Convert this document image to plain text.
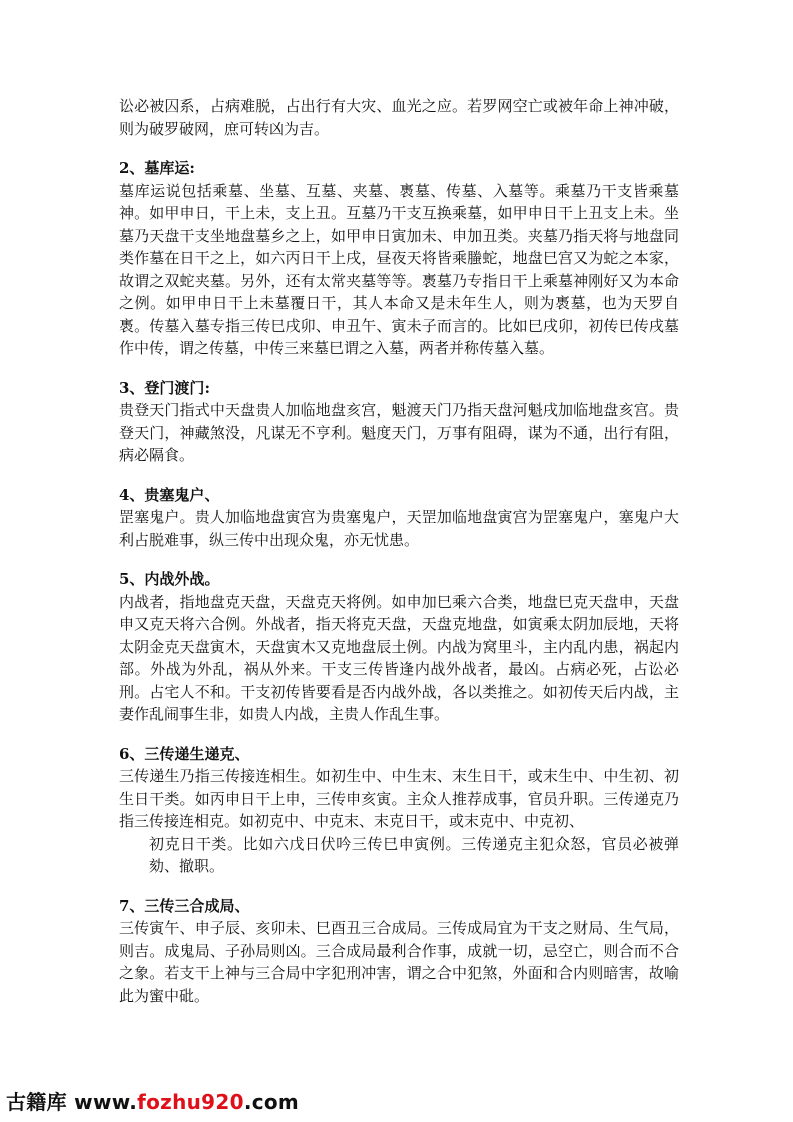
讼必被囚系，占病难脱，占出行有大灾、血光之应。若罗网空亡或被年命上神冲破，则为破罗破网，庶可转凶为吉。

2、墓库运:

墓库运说包括乘墓、坐墓、互墓、夹墓、褭墓、传墓、入墓等。乘墓乃干支皆乘墓神。如甲申日，干上未，支上丑。互墓乃干支互换乘墓，如甲申日干上丑支上未。坐墓乃天盘干支坐地盘墓乡之上，如甲申日寅加未、申加丑类。夹墓乃指天将与地盘同类作墓在日干之上，如六丙日干上戌，昼夜天将皆乘螣蛇，地盘巳宫又为蛇之本家，故谓之双蛇夹墓。另外，还有太常夹墓等等。褭墓乃专指日干上乘墓神刚好又为本命之例。如甲申日干上未墓覆日干，其人本命又是未年生人，则为褭墓，也为天罗自褭。传墓入墓专指三传巳戌卯、申丑午、寅未子而言的。比如巳戌卯，初传巳传戌墓作中传，谓之传墓，中传三来墓巳谓之入墓，两者并称传墓入墓。

3、登门渡门:

贵登天门指式中天盘贵人加临地盘亥宫，魁渡天门乃指天盘河魁戌加临地盘亥宫。贵登天门，神藏煞没，凡谋无不亨利。魁度天门，万事有阻碍，谋为不通，出行有阻，病必隔食。

4、贵塞鬼户、

罡塞鬼户。贵人加临地盘寅宫为贵塞鬼户，天罡加临地盘寅宫为罡塞鬼户，塞鬼户大利占脱难事，纵三传中出现众鬼，亦无忧患。

5、内战外战。

内战者，指地盘克天盘，天盘克天将例。如申加巳乘六合类，地盘巳克天盘申，天盘申又克天将六合例。外战者，指天将克天盘，天盘克地盘，如寅乘太阴加辰地，天将太阴金克天盘寅木，天盘寅木又克地盘辰土例。内战为窝里斗，主内乱内患，祸起内部。外战为外乱，祸从外来。干支三传皆逢内战外战者，最凶。占病必死，占讼必刑。占宅人不和。干支初传皆要看是否内战外战，各以类推之。如初传天后内战，主妻作乱闹事生非，如贵人内战，主贵人作乱生事。

6、三传递生递克、

三传递生乃指三传接连相生。如初生中、中生末、末生日干，或末生中、中生初、初生日干类。如丙申日干上申，三传申亥寅。主众人推荐成事，官员升职。三传递克乃指三传接连相克。如初克中、中克末、末克日干，或末克中、中克初、
初克日干类。比如六戊日伏吟三传巳申寅例。三传递克主犯众怒，官员必被弹劾、撤职。

7、三传三合成局、

三传寅午、申子辰、亥卯未、巳酉丑三合成局。三传成局宜为干支之财局、生气局，则吉。成鬼局、子孙局则凶。三合成局最利合作事，成就一切，忌空亡，则合而不合之象。若支干上神与三合局中字犯刑冲害，谓之合中犯煞，外面和合内则暗害，故喻此为蜜中砒。

古籍库 www.fozhu920.com
